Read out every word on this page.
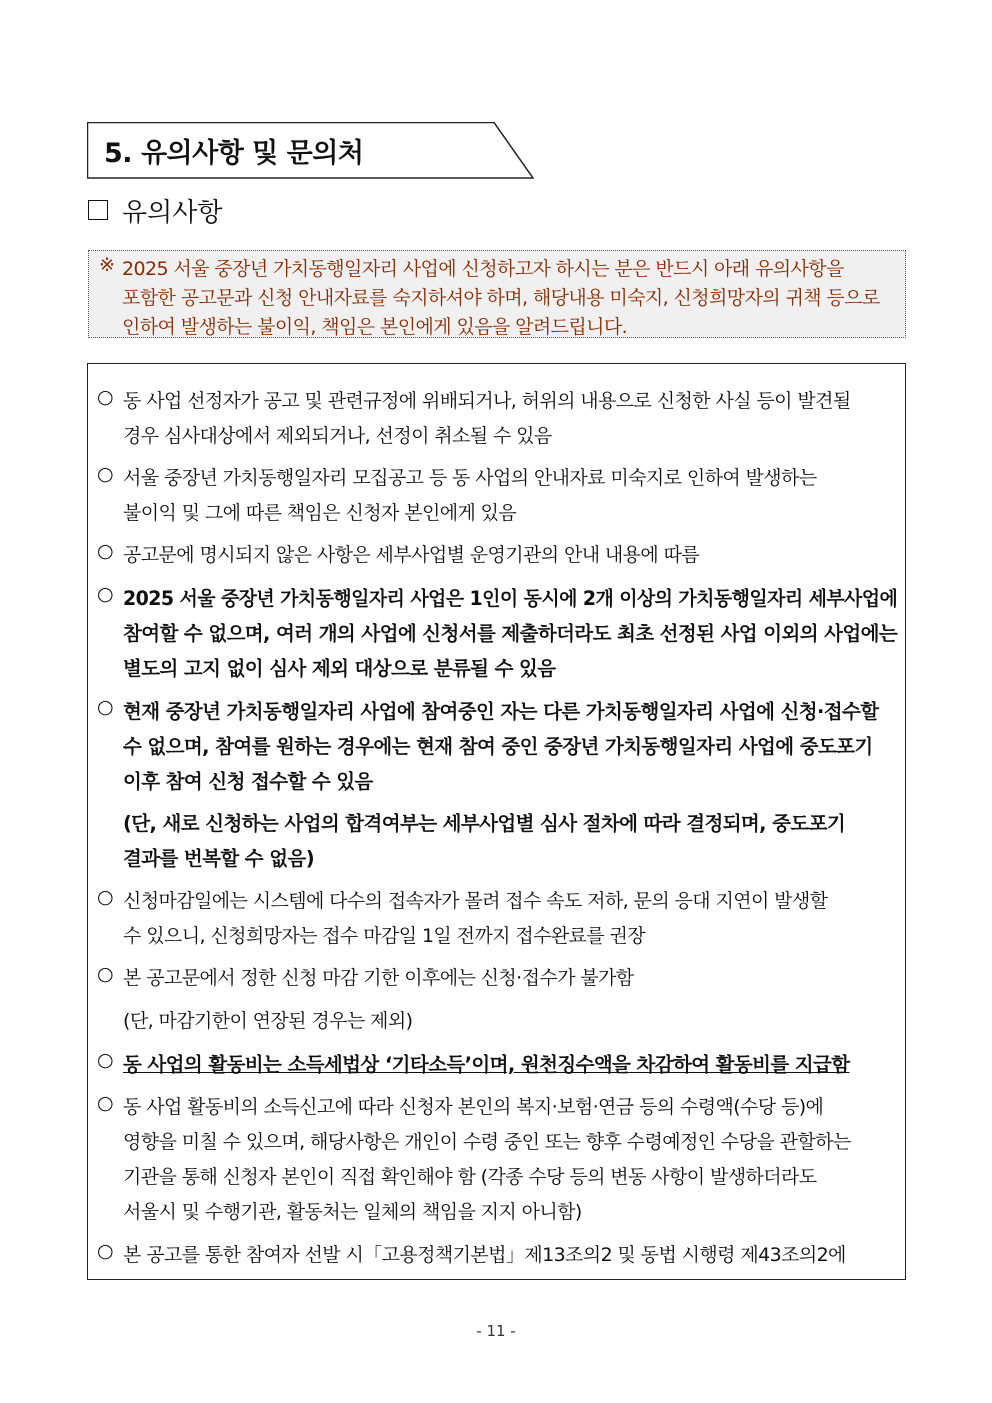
5. 유의사항 및 문의처
유의사항
※ 2025 서울 중장년 가치동행일자리 사업에 신청하고자 하시는 분은 반드시 아래 유의사항을
포함한 공고문과 신청 안내자료를 숙지하셔야 하며, 해당내용 미숙지, 신청희망자의 귀책 등으로
인하여 발생하는 불이익, 책임은 본인에게 있음을 알려드립니다.
○ 동 사업 선정자가 공고 및 관련규정에 위배되거나, 허위의 내용으로 신청한 사실 등이 발견될
경우 심사대상에서 제외되거나, 선정이 취소될 수 있음
○ 서울 중장년 가치동행일자리 모집공고 등 동 사업의 안내자료 미숙지로 인하여 발생하는
불이익 및 그에 따른 책임은 신청자 본인에게 있음
○ 공고문에 명시되지 않은 사항은 세부사업별 운영기관의 안내 내용에 따름
○ 2025 서울 중장년 가치동행일자리 사업은 1인이 동시에 2개 이상의 가치동행일자리 세부사업에
참여할 수 없으며, 여러 개의 사업에 신청서를 제출하더라도 최초 선정된 사업 이외의 사업에는
별도의 고지 없이 심사 제외 대상으로 분류될 수 있음
○ 현재 중장년 가치동행일자리 사업에 참여중인 자는 다른 가치동행일자리 사업에 신청·접수할
수 없으며, 참여를 원하는 경우에는 현재 참여 중인 중장년 가치동행일자리 사업에 중도포기
이후 참여 신청 접수할 수 있음
(단, 새로 신청하는 사업의 합격여부는 세부사업별 심사 절차에 따라 결정되며, 중도포기
결과를 번복할 수 없음)
○ 신청마감일에는 시스템에 다수의 접속자가 몰려 접수 속도 저하, 문의 응대 지연이 발생할
수 있으니, 신청희망자는 접수 마감일 1일 전까지 접수완료를 권장
○ 본 공고문에서 정한 신청 마감 기한 이후에는 신청·접수가 불가함
(단, 마감기한이 연장된 경우는 제외)
○ 동 사업의 활동비는 소득세법상 ‘기타소득’이며, 원천징수액을 차감하여 활동비를 지급함
○ 동 사업 활동비의 소득신고에 따라 신청자 본인의 복지·보험·연금 등의 수령액(수당 등)에
영향을 미칠 수 있으며, 해당사항은 개인이 수령 중인 또는 향후 수령예정인 수당을 관할하는
기관을 통해 신청자 본인이 직접 확인해야 함 (각종 수당 등의 변동 사항이 발생하더라도
서울시 및 수행기관, 활동처는 일체의 책임을 지지 아니함)
○ 본 공고를 통한 참여자 선발 시「고용정책기본법」제13조의2 및 동법 시행령 제43조의2에
- 11 -
